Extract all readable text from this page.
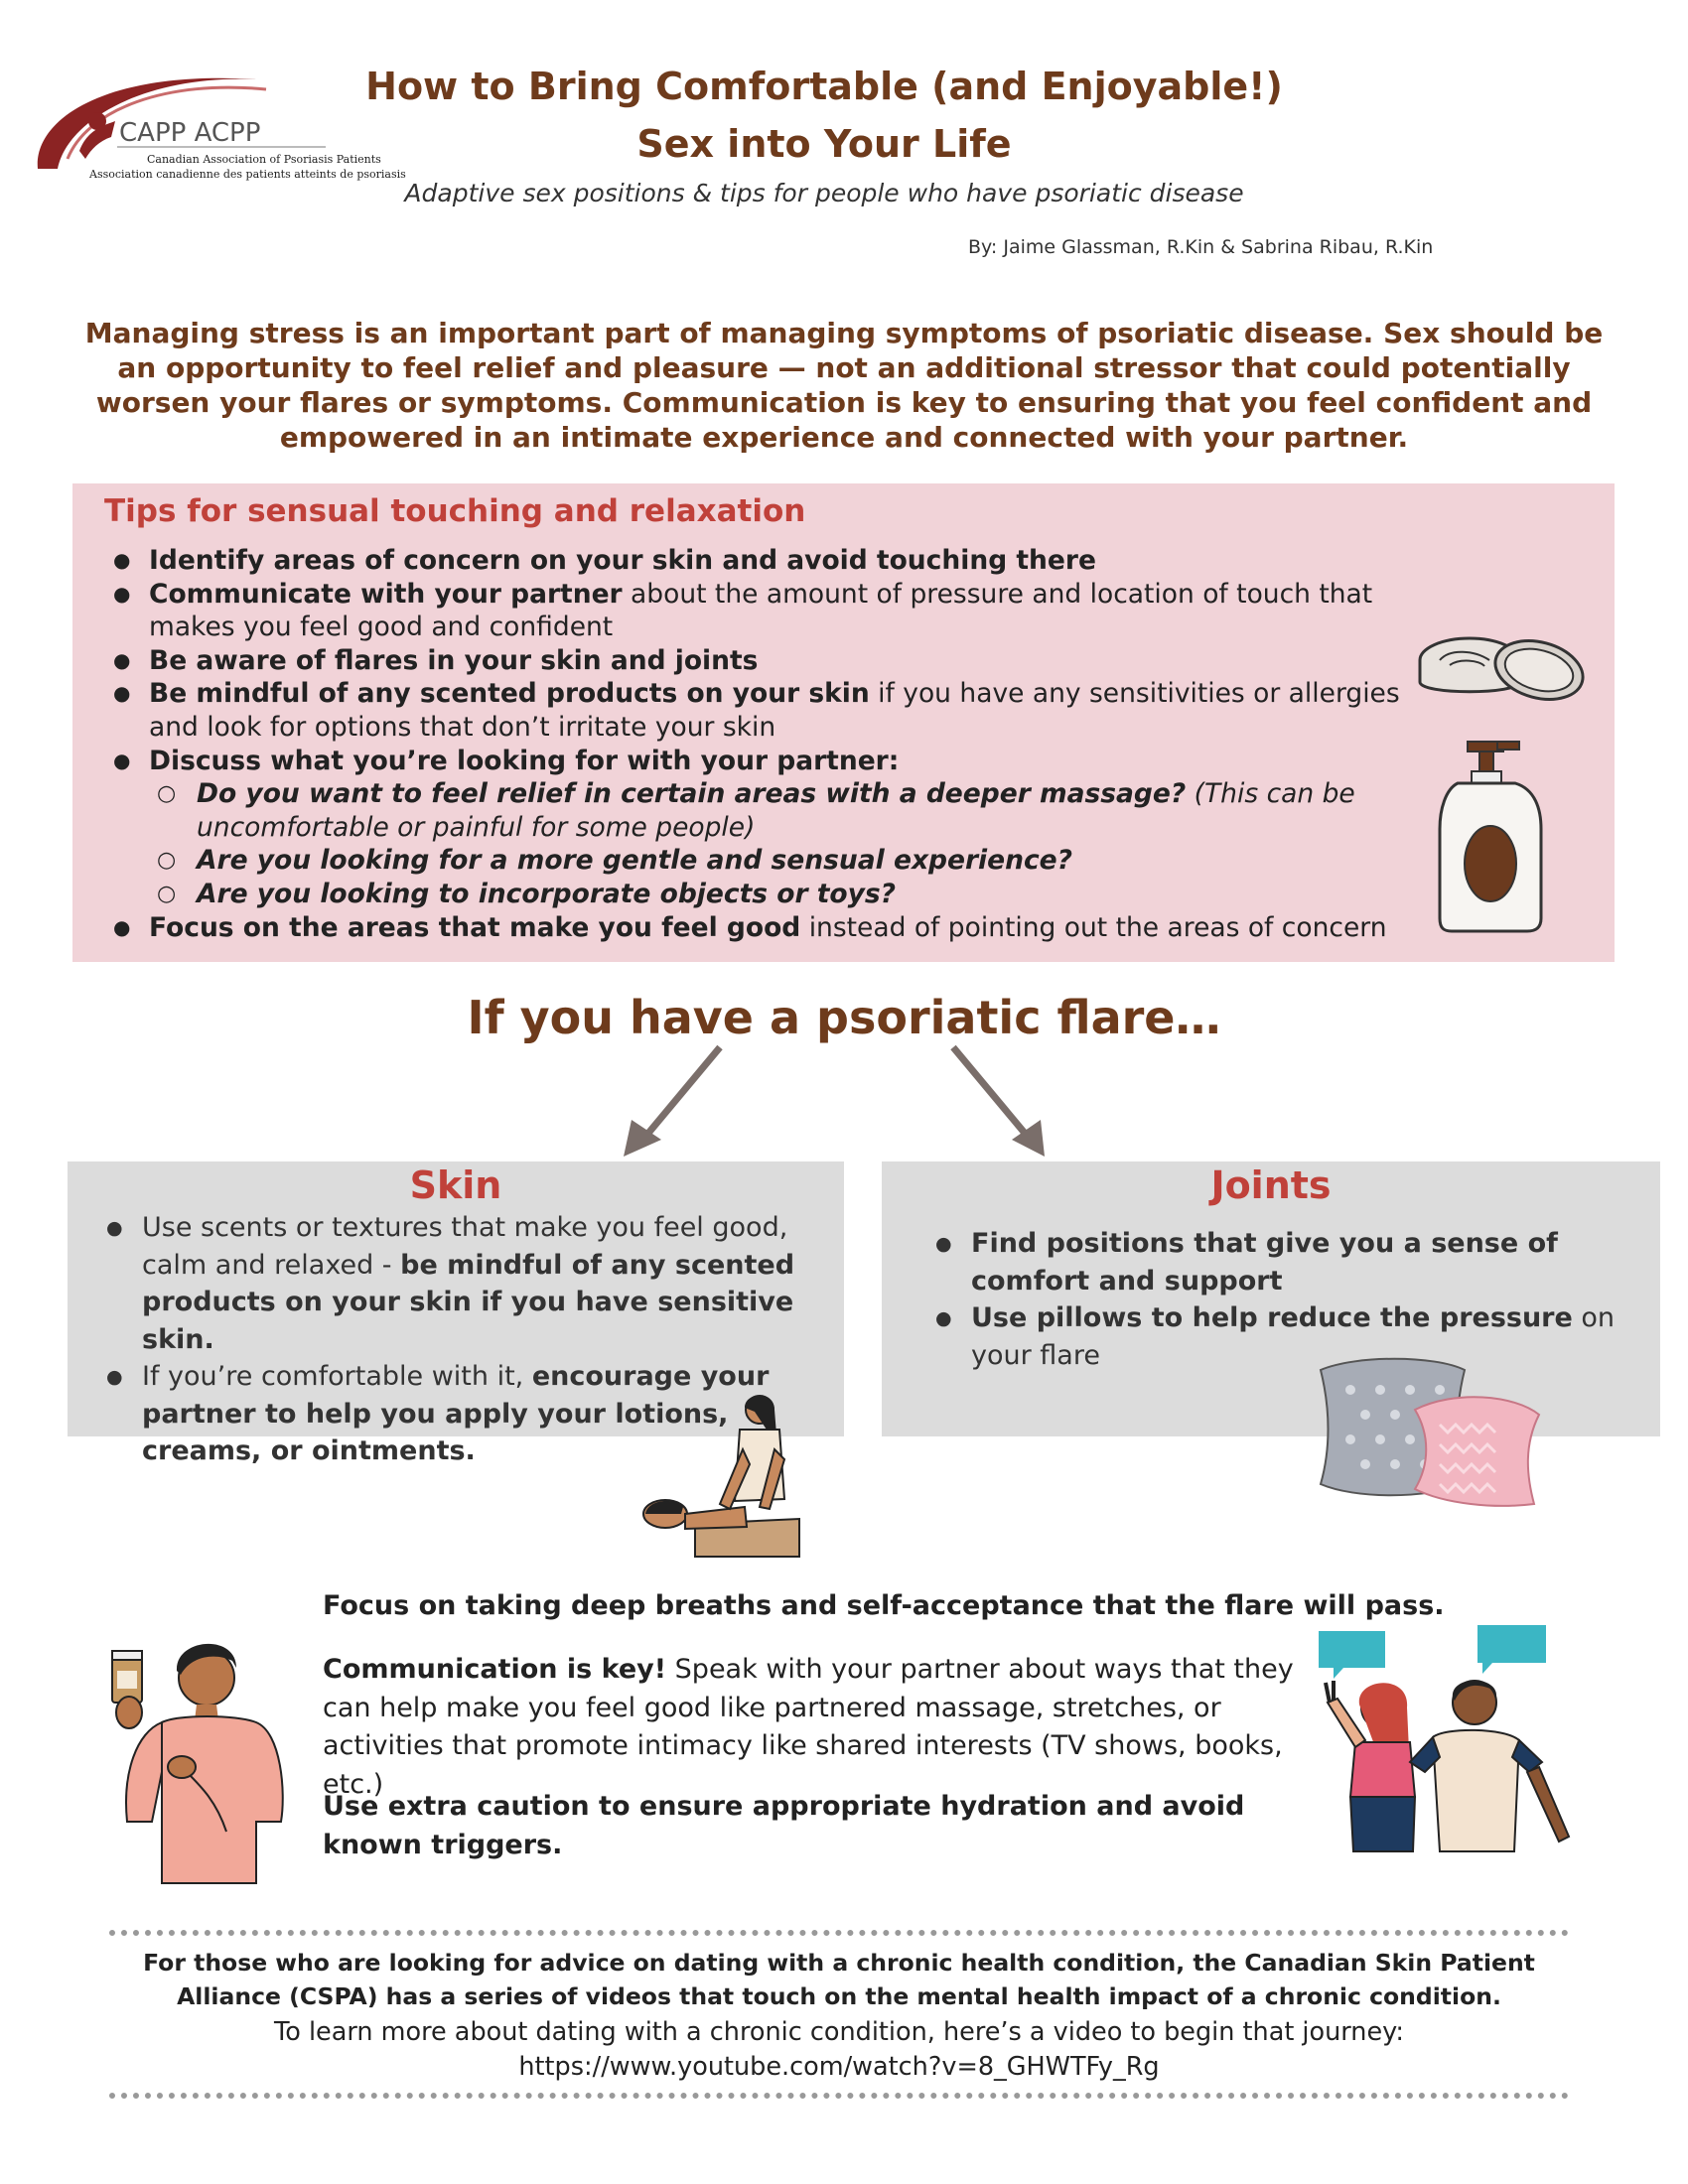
CAPP ACPP
Canadian Association of Psoriasis Patients
Association canadienne des patients atteints de psoriasis
How to Bring Comfortable (and Enjoyable!)
Sex into Your Life
Adaptive sex positions & tips for people who have psoriatic disease
By: Jaime Glassman, R.Kin & Sabrina Ribau, R.Kin
Managing stress is an important part of managing symptoms of psoriatic disease. Sex should be an opportunity to feel relief and pleasure — not an additional stressor that could potentially worsen your flares or symptoms. Communication is key to ensuring that you feel confident and empowered in an intimate experience and connected with your partner.
Tips for sensual touching and relaxation
● Identify areas of concern on your skin and avoid touching there
● Communicate with your partner about the amount of pressure and location of touch that makes you feel good and confident
● Be aware of flares in your skin and joints
● Be mindful of any scented products on your skin if you have any sensitivities or allergies and look for options that don’t irritate your skin
● Discuss what you’re looking for with your partner:
○ Do you want to feel relief in certain areas with a deeper massage? (This can be uncomfortable or painful for some people)
○ Are you looking for a more gentle and sensual experience?
○ Are you looking to incorporate objects or toys?
● Focus on the areas that make you feel good instead of pointing out the areas of concern
If you have a psoriatic flare…
Skin
● Use scents or textures that make you feel good, calm and relaxed - be mindful of any scented products on your skin if you have sensitive skin.
● If you’re comfortable with it, encourage your partner to help you apply your lotions, creams, or ointments.
Joints
● Find positions that give you a sense of comfort and support
● Use pillows to help reduce the pressure on your flare
Focus on taking deep breaths and self-acceptance that the flare will pass.
Communication is key! Speak with your partner about ways that they can help make you feel good like partnered massage, stretches, or activities that promote intimacy like shared interests (TV shows, books, etc.)
Use extra caution to ensure appropriate hydration and avoid known triggers.
For those who are looking for advice on dating with a chronic health condition, the Canadian Skin Patient Alliance (CSPA) has a series of videos that touch on the mental health impact of a chronic condition.
To learn more about dating with a chronic condition, here’s a video to begin that journey:
https://www.youtube.com/watch?v=8_GHWTFy_Rg
